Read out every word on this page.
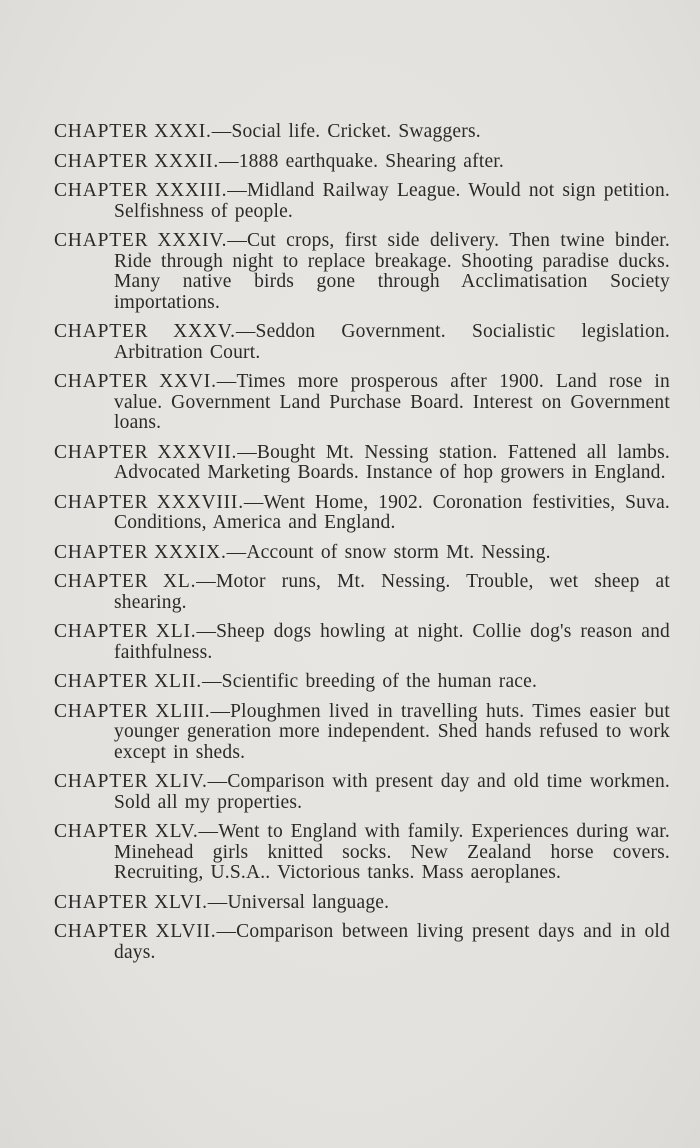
CHAPTER XXXI.—Social life. Cricket. Swaggers.

CHAPTER XXXII.—1888 earthquake. Shearing after.

CHAPTER XXXIII.—Midland Railway League. Would not sign petition. Selfishness of people.

CHAPTER XXXIV.—Cut crops, first side delivery. Then twine binder. Ride through night to replace breakage. Shooting paradise ducks. Many native birds gone through Acclimatisation Society importations.

CHAPTER XXXV.—Seddon Government. Socialistic legislation. Arbitration Court.

CHAPTER XXVI.—Times more prosperous after 1900. Land rose in value. Government Land Purchase Board. Interest on Government loans.

CHAPTER XXXVII.—Bought Mt. Nessing station. Fattened all lambs. Advocated Marketing Boards. Instance of hop growers in England.

CHAPTER XXXVIII.—Went Home, 1902. Coronation festivities, Suva. Conditions, America and England.

CHAPTER XXXIX.—Account of snow storm Mt. Nessing.

CHAPTER XL.—Motor runs, Mt. Nessing. Trouble, wet sheep at shearing.

CHAPTER XLI.—Sheep dogs howling at night. Collie dog's reason and faithfulness.

CHAPTER XLII.—Scientific breeding of the human race.

CHAPTER XLIII.—Ploughmen lived in travelling huts. Times easier but younger generation more independent. Shed hands refused to work except in sheds.

CHAPTER XLIV.—Comparison with present day and old time workmen. Sold all my properties.

CHAPTER XLV.—Went to England with family. Experiences during war. Minehead girls knitted socks. New Zealand horse covers. Recruiting, U.S.A.. Victorious tanks. Mass aeroplanes.

CHAPTER XLVI.—Universal language.

CHAPTER XLVII.—Comparison between living present days and in old days.
